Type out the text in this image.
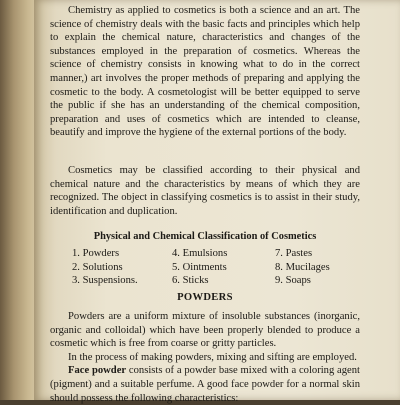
Chemistry as applied to cosmetics is both a science and an art. The science of chemistry deals with the basic facts and principles which help to explain the chemical nature, characteristics and changes of the substances employed in the preparation of cosmetics. Whereas the science of chemistry consists in knowing what to do in the correct manner,) art involves the proper methods of preparing and applying the cosmetic to the body. A cosmetologist will be better equipped to serve the public if she has an understanding of the chemical composition, preparation and uses of cosmetics which are intended to cleanse, beautify and improve the hygiene of the external portions of the body.

Cosmetics may be classified according to their physical and chemical nature and the characteristics by means of which they are recognized. The object in classifying cosmetics is to assist in their study, identification and duplication.

Physical and Chemical Classification of Cosmetics
1. Powders	4. Emulsions	7. Pastes
2. Solutions	5. Ointments	8. Mucilages
3. Suspensions.	6. Sticks	9. Soaps
POWDERS

Powders are a uniform mixture of insoluble substances (inorganic, organic and colloidal) which have been properly blended to produce a cosmetic which is free from coarse or gritty particles.

In the process of making powders, mixing and sifting are employed.

Face powder consists of a powder base mixed with a coloring agent (pigment) and a suitable perfume. A good face powder for a normal skin should possess the following characteristics:
